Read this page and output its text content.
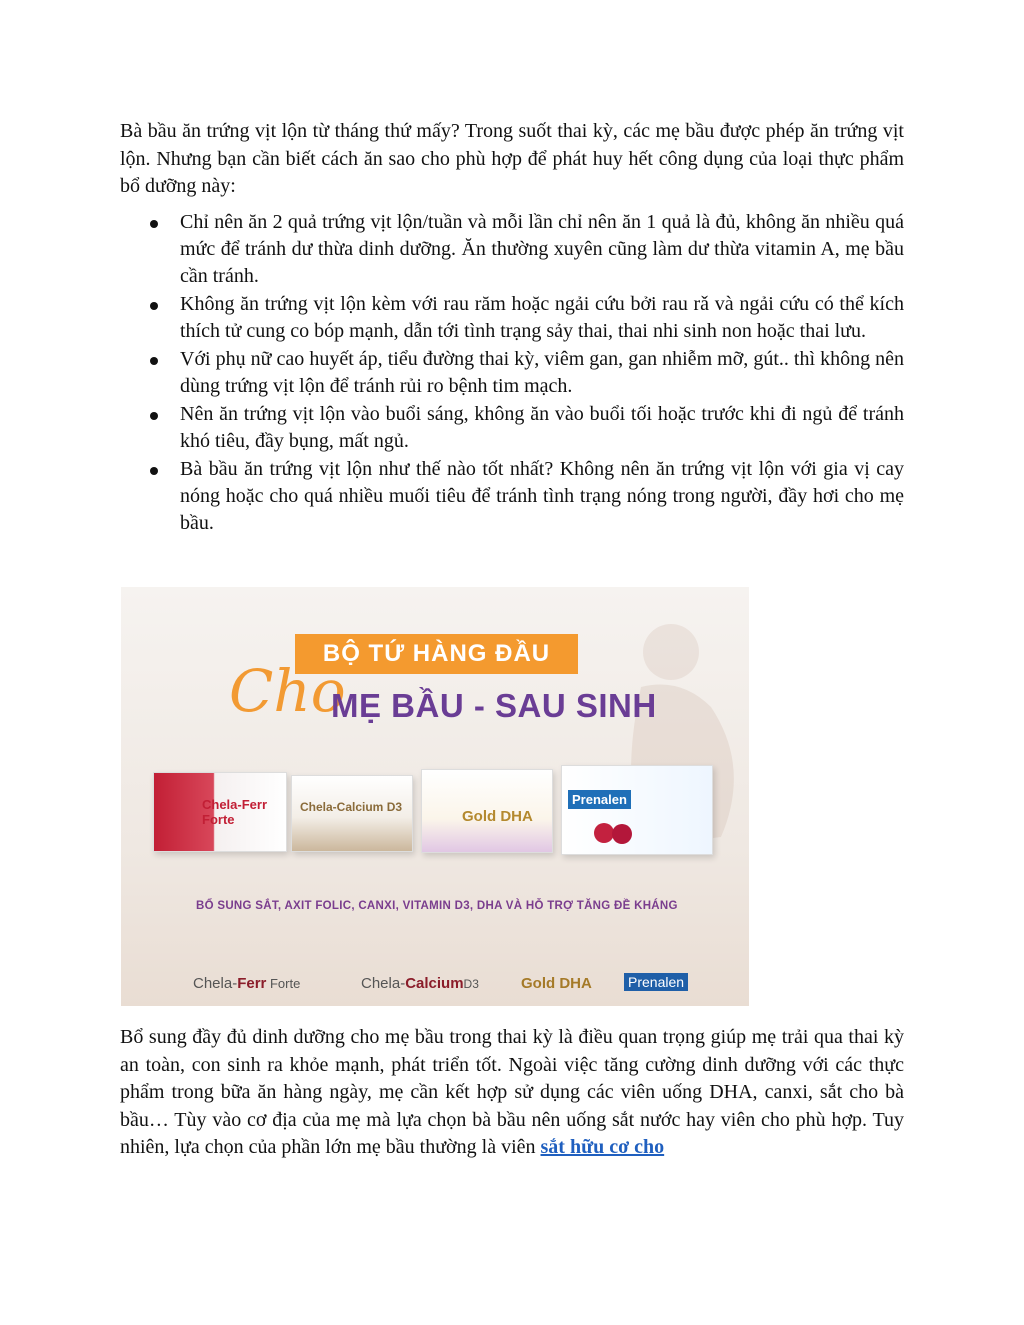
Bà bầu ăn trứng vịt lộn từ tháng thứ mấy? Trong suốt thai kỳ, các mẹ bầu được phép ăn trứng vịt lộn. Nhưng bạn cần biết cách ăn sao cho phù hợp để phát huy hết công dụng của loại thực phẩm bổ dưỡng này:

Chỉ nên ăn 2 quả trứng vịt lộn/tuần và mỗi lần chỉ nên ăn 1 quả là đủ, không ăn nhiều quá mức để tránh dư thừa dinh dưỡng. Ăn thường xuyên cũng làm dư thừa vitamin A, mẹ bầu cần tránh.
Không ăn trứng vịt lộn kèm với rau răm hoặc ngải cứu bởi rau rǎ và ngải cứu có thể kích thích tử cung co bóp mạnh, dẫn tới tình trạng sảy thai, thai nhi sinh non hoặc thai lưu.
Với phụ nữ cao huyết áp, tiểu đường thai kỳ, viêm gan, gan nhiễm mỡ, gút.. thì không nên dùng trứng vịt lộn để tránh rủi ro bệnh tim mạch.
Nên ăn trứng vịt lộn vào buổi sáng, không ăn vào buổi tối hoặc trước khi đi ngủ để tránh khó tiêu, đầy bụng, mất ngủ.
Bà bầu ăn trứng vịt lộn như thế nào tốt nhất? Không nên ăn trứng vịt lộn với gia vị cay nóng hoặc cho quá nhiều muối tiêu để tránh tình trạng nóng trong người, đầy hơi cho mẹ bầu.
BỘ TỨ HÀNG ĐẦU
Cho
MẸ BẦU - SAU SINH
Chela-Ferr Forte
Chela-Calcium D3
Gold DHA
Prenalen
BỔ SUNG SẮT, AXIT FOLIC, CANXI, VITAMIN D3, DHA VÀ HỖ TRỢ TĂNG ĐỀ KHÁNG
Chela-Ferr Forte	Chela-CalciumD3	Gold DHA	Prenalen

Bổ sung đầy đủ dinh dưỡng cho mẹ bầu trong thai kỳ là điều quan trọng giúp mẹ trải qua thai kỳ an toàn, con sinh ra khỏe mạnh, phát triển tốt. Ngoài việc tăng cường dinh dưỡng với các thực phẩm trong bữa ăn hàng ngày, mẹ cần kết hợp sử dụng các viên uống DHA, canxi, sắt cho bà bầu… Tùy vào cơ địa của mẹ mà lựa chọn bà bầu nên uống sắt nước hay viên cho phù hợp. Tuy nhiên, lựa chọn của phần lớn mẹ bầu thường là viên sắt hữu cơ cho
